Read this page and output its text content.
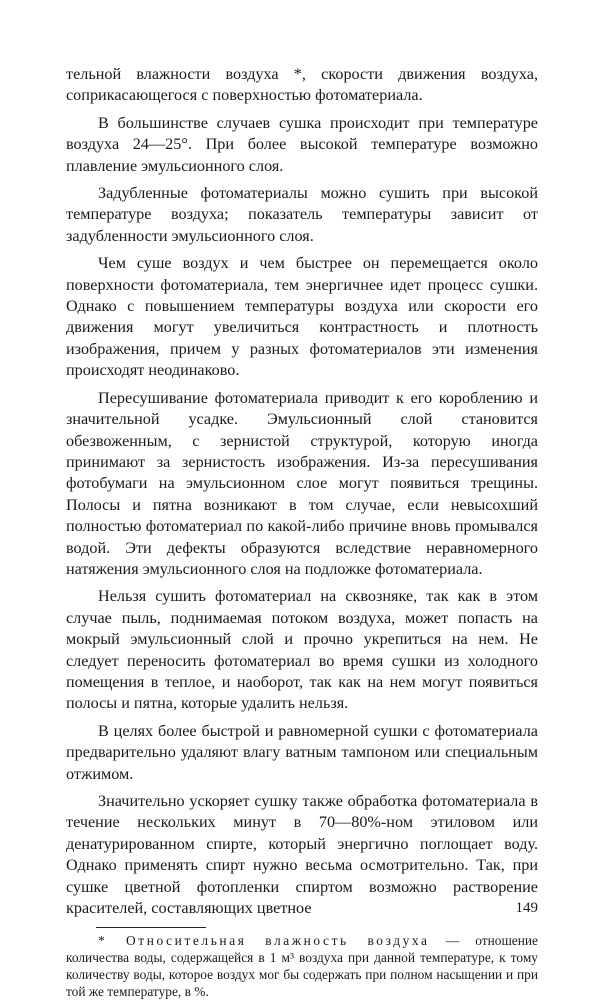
тельной влажности воздуха *, скорости движения воздуха, соприкасающегося с поверхностью фотоматериала.

В большинстве случаев сушка происходит при температуре воздуха 24—25°. При более высокой температуре возможно плавление эмульсионного слоя.

Задубленные фотоматериалы можно сушить при высокой температуре воздуха; показатель температуры зависит от задубленности эмульсионного слоя.

Чем суше воздух и чем быстрее он перемещается около поверхности фотоматериала, тем энергичнее идет процесс сушки. Однако с повышением температуры воздуха или скорости его движения могут увеличиться контрастность и плотность изображения, причем у разных фотоматериалов эти изменения происходят неодинаково.

Пересушивание фотоматериала приводит к его короблению и значительной усадке. Эмульсионный слой становится обезвоженным, с зернистой структурой, которую иногда принимают за зернистость изображения. Из-за пересушивания фотобумаги на эмульсионном слое могут появиться трещины. Полосы и пятна возникают в том случае, если невысохший полностью фотоматериал по какой-либо причине вновь промывался водой. Эти дефекты образуются вследствие неравномерного натяжения эмульсионного слоя на подложке фотоматериала.

Нельзя сушить фотоматериал на сквозняке, так как в этом случае пыль, поднимаемая потоком воздуха, может попасть на мокрый эмульсионный слой и прочно укрепиться на нем. Не следует переносить фотоматериал во время сушки из холодного помещения в теплое, и наоборот, так как на нем могут появиться полосы и пятна, которые удалить нельзя.

В целях более быстрой и равномерной сушки с фотоматериала предварительно удаляют влагу ватным тампоном или специальным отжимом.

Значительно ускоряет сушку также обработка фотоматериала в течение нескольких минут в 70—80%-ном этиловом или денатурированном спирте, который энергично поглощает воду. Однако применять спирт нужно весьма осмотрительно. Так, при сушке цветной фотопленки спиртом возможно растворение красителей, составляющих цветное

* Относительная влажность воздуха — отношение количества воды, содержащейся в 1 м³ воздуха при данной температуре, к тому количеству воды, которое воздух мог бы содержать при полном насыщении и при той же температуре, в %.

149
